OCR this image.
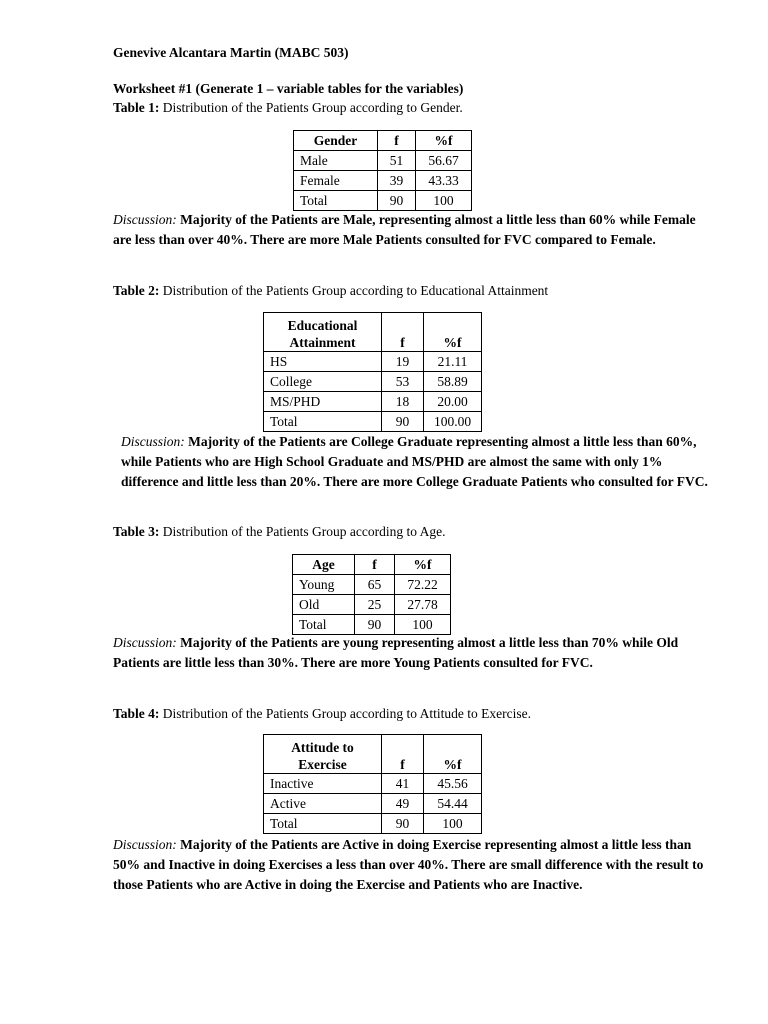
Genevive Alcantara Martin (MABC 503)
Worksheet #1 (Generate 1 – variable tables for the variables)
Table 1: Distribution of the Patients Group according to Gender.
Gender	f	%f
Male	51	56.67
Female	39	43.33
Total	90	100
Discussion: Majority of the Patients are Male, representing almost a little less than 60% while Female
are less than over 40%. There are more Male Patients consulted for FVC compared to Female.
Table 2: Distribution of the Patients Group according to Educational Attainment
Educational
Attainment	f	%f
HS	19	21.11
College	53	58.89
MS/PHD	18	20.00
Total	90	100.00
Discussion: Majority of the Patients are College Graduate representing almost a little less than 60%,
while Patients who are High School Graduate and MS/PHD are almost the same with only 1%
difference and little less than 20%. There are more College Graduate Patients who consulted for FVC.
Table 3: Distribution of the Patients Group according to Age.
Age	f	%f
Young	65	72.22
Old	25	27.78
Total	90	100
Discussion: Majority of the Patients are young representing almost a little less than 70% while Old
Patients are little less than 30%. There are more Young Patients consulted for FVC.
Table 4: Distribution of the Patients Group according to Attitude to Exercise.
Attitude to
Exercise	f	%f
Inactive	41	45.56
Active	49	54.44
Total	90	100
Discussion: Majority of the Patients are Active in doing Exercise representing almost a little less than
50% and Inactive in doing Exercises a less than over 40%. There are small difference with the result to
those Patients who are Active in doing the Exercise and Patients who are Inactive.
